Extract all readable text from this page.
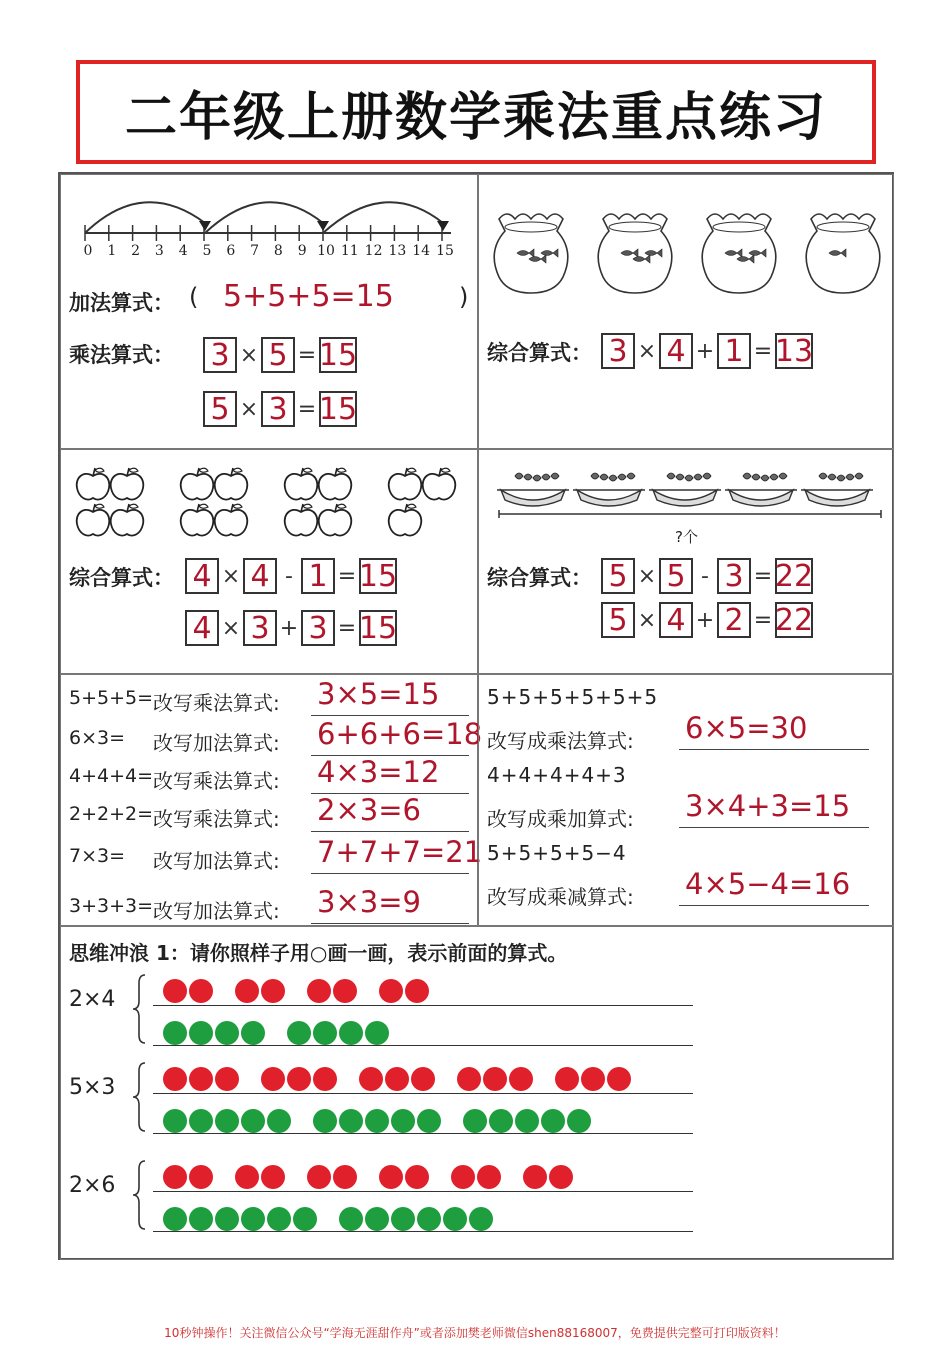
二年级上册数学乘法重点练习
0	1	2	3	4	5	6	7	8	9 10 11 12 13 14 15
加法算式： ( 5+5+5=15	)
乘法算式： 3 × 5 = 15
5 × 3 = 15
综合算式： 3 × 4 + 1 = 13
综合算式： 4 × 4 - 1 = 15
4 × 3 + 3 = 15
?个
综合算式： 5 × 5 - 3 = 22
5 × 4 + 2 = 22
5+5+5= 改写乘法算式: 3×5=15
6×3= 改写加法算式: 6+6+6=18
4+4+4= 改写乘法算式: 4×3=12
2+2+2= 改写乘法算式: 2×3=6
7×3= 改写加法算式: 7+7+7=21
3+3+3= 改写加法算式: 3×3=9
5+5+5+5+5+5
改写成乘法算式: 6×5=30
4+4+4+4+3
改写成乘加算式: 3×4+3=15
5+5+5+5−4
改写成乘减算式: 4×5−4=16
思维冲浪 1：请你照样子用○画一画，表示前面的算式。
2×4
5×3
2×6
10秒钟操作！关注微信公众号“学海无涯甜作舟”或者添加樊老师微信shen88168007，免费提供完整可打印版资料！
